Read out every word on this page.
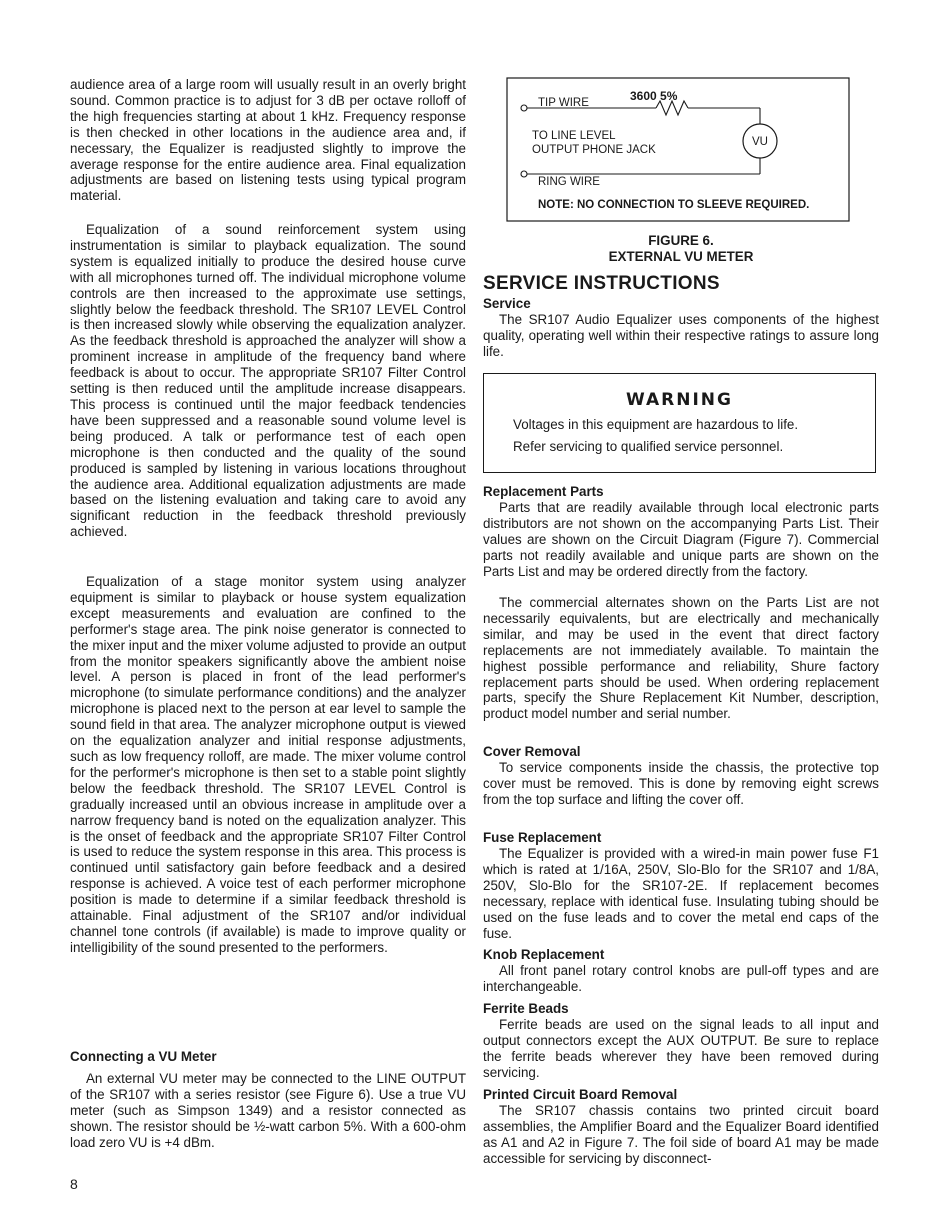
audience area of a large room will usually result in an overly bright sound. Common practice is to adjust for 3 dB per octave rolloff of the high frequencies starting at about 1 kHz. Frequency response is then checked in other locations in the audience area and, if necessary, the Equalizer is readjusted slightly to improve the average response for the entire audience area. Final equalization adjustments are based on listening tests using typical program material.

Equalization of a sound reinforcement system using instrumentation is similar to playback equalization. The sound system is equalized initially to produce the desired house curve with all microphones turned off. The individual microphone volume controls are then increased to the approximate use settings, slightly below the feedback threshold. The SR107 LEVEL Control is then increased slowly while observing the equalization analyzer. As the feedback threshold is approached the analyzer will show a prominent increase in amplitude of the frequency band where feedback is about to occur. The appropriate SR107 Filter Control setting is then reduced until the amplitude increase disappears. This process is continued until the major feedback tendencies have been suppressed and a reasonable sound volume level is being produced. A talk or performance test of each open microphone is then conducted and the quality of the sound produced is sampled by listening in various locations throughout the audience area. Additional equalization adjustments are made based on the listening evaluation and taking care to avoid any significant reduction in the feedback threshold previously achieved.

Equalization of a stage monitor system using analyzer equipment is similar to playback or house system equalization except measurements and evaluation are confined to the performer's stage area. The pink noise generator is connected to the mixer input and the mixer volume adjusted to provide an output from the monitor speakers significantly above the ambient noise level. A person is placed in front of the lead performer's microphone (to simulate performance conditions) and the analyzer microphone is placed next to the person at ear level to sample the sound field in that area. The analyzer microphone output is viewed on the equalization analyzer and initial response adjustments, such as low frequency rolloff, are made. The mixer volume control for the performer's microphone is then set to a stable point slightly below the feedback threshold. The SR107 LEVEL Control is gradually increased until an obvious increase in amplitude over a narrow frequency band is noted on the equalization analyzer. This is the onset of feedback and the appropriate SR107 Filter Control is used to reduce the system response in this area. This process is continued until satisfactory gain before feedback and a desired response is achieved. A voice test of each performer microphone position is made to determine if a similar feedback threshold is attainable. Final adjustment of the SR107 and/or individual channel tone controls (if available) is made to improve quality or intelligibility of the sound presented to the performers.

Connecting a VU Meter

An external VU meter may be connected to the LINE OUTPUT of the SR107 with a series resistor (see Figure 6). Use a true VU meter (such as Simpson 1349) and a resistor connected as shown. The resistor should be ½-watt carbon 5%. With a 600-ohm load zero VU is +4 dBm.

3600 5%
TIP WIRE
TO LINE LEVEL
OUTPUT PHONE JACK
VU
RING WIRE
NOTE: NO CONNECTION TO SLEEVE REQUIRED.
FIGURE 6.
EXTERNAL VU METER

SERVICE INSTRUCTIONS

Service

The SR107 Audio Equalizer uses components of the highest quality, operating well within their respective ratings to assure long life.

WARNING
Voltages in this equipment are hazardous to life.
Refer servicing to qualified service personnel.

Replacement Parts

Parts that are readily available through local electronic parts distributors are not shown on the accompanying Parts List. Their values are shown on the Circuit Diagram (Figure 7). Commercial parts not readily available and unique parts are shown on the Parts List and may be ordered directly from the factory.

The commercial alternates shown on the Parts List are not necessarily equivalents, but are electrically and mechanically similar, and may be used in the event that direct factory replacements are not immediately available. To maintain the highest possible performance and reliability, Shure factory replacement parts should be used. When ordering replacement parts, specify the Shure Replacement Kit Number, description, product model number and serial number.

Cover Removal

To service components inside the chassis, the protective top cover must be removed. This is done by removing eight screws from the top surface and lifting the cover off.

Fuse Replacement

The Equalizer is provided with a wired-in main power fuse F1 which is rated at 1/16A, 250V, Slo-Blo for the SR107 and 1/8A, 250V, Slo-Blo for the SR107-2E. If replacement becomes necessary, replace with identical fuse. Insulating tubing should be used on the fuse leads and to cover the metal end caps of the fuse.

Knob Replacement

All front panel rotary control knobs are pull-off types and are interchangeable.

Ferrite Beads

Ferrite beads are used on the signal leads to all input and output connectors except the AUX OUTPUT. Be sure to replace the ferrite beads wherever they have been removed during servicing.

Printed Circuit Board Removal

The SR107 chassis contains two printed circuit board assemblies, the Amplifier Board and the Equalizer Board identified as A1 and A2 in Figure 7. The foil side of board A1 may be made accessible for servicing by disconnect-

8
